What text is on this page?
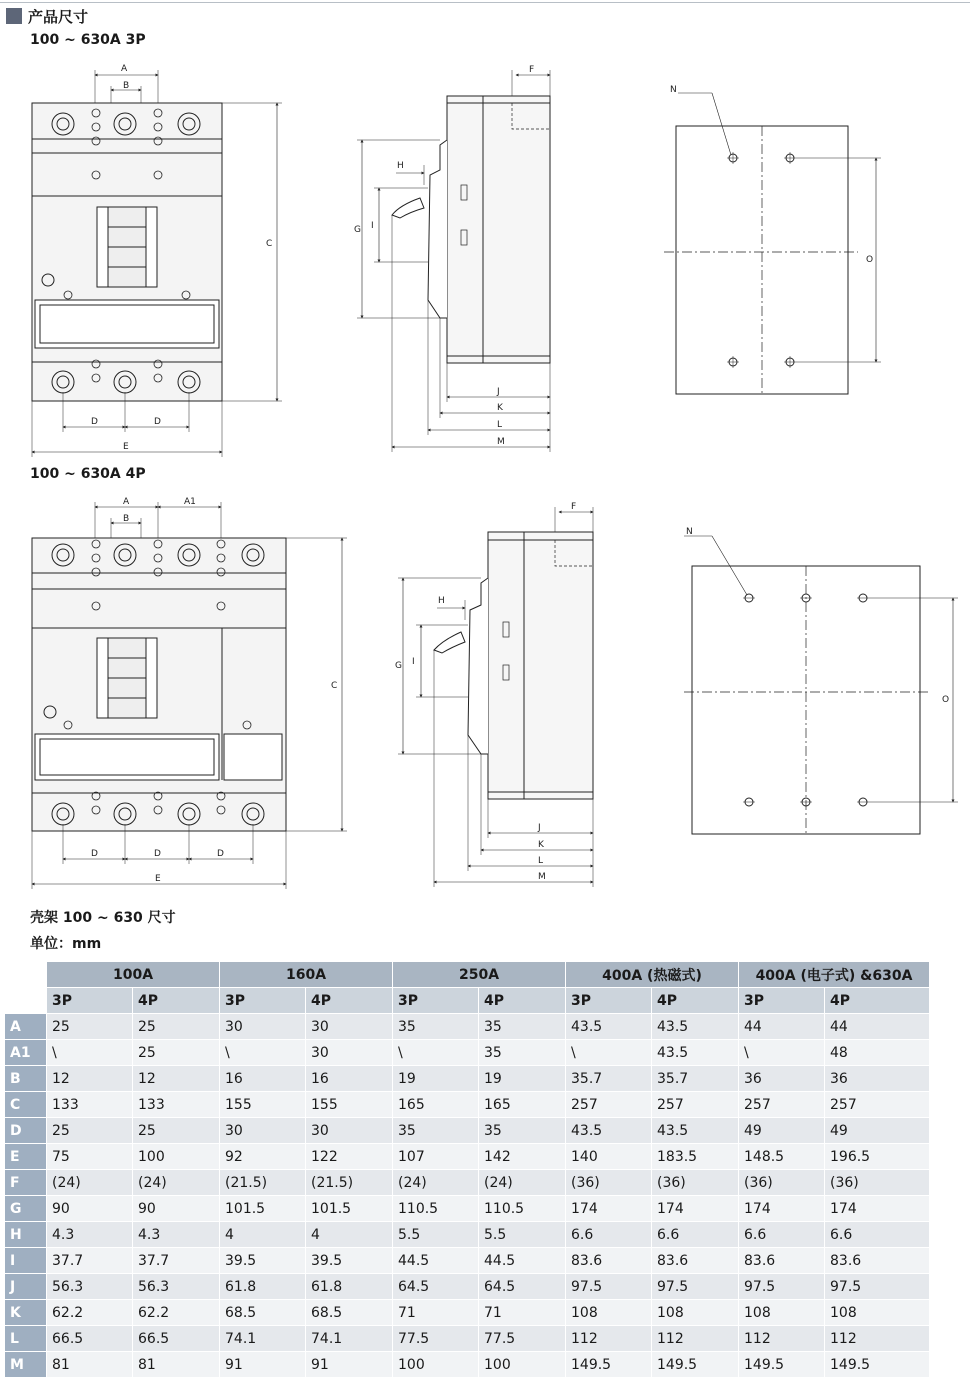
产品尺寸
100 ~ 630A 3P
100 ~ 630A 4P
壳架 100 ~ 630 尺寸
单位：mm
A
B
C
D	D
E
F
G
H
I
J
K
L
M
N
O
A	A1
B
C
D	D	D
E
F
G
H
I
J
K
L
M
N
O
	100A		160A		250A		400A (热磁式)		400A (电子式) &630A	
	3P	4P	3P	4P	3P	4P	3P	4P	3P	4P
A	25	25	30	30	35	35	43.5	43.5	44	44
A1	\	25	\	30	\	35	\	43.5	\	48
B	12	12	16	16	19	19	35.7	35.7	36	36
C	133	133	155	155	165	165	257	257	257	257
D	25	25	30	30	35	35	43.5	43.5	49	49
E	75	100	92	122	107	142	140	183.5	148.5	196.5
F	(24)	(24)	(21.5)	(21.5)	(24)	(24)	(36)	(36)	(36)	(36)
G	90	90	101.5	101.5	110.5	110.5	174	174	174	174
H	4.3	4.3	4	4	5.5	5.5	6.6	6.6	6.6	6.6
I	37.7	37.7	39.5	39.5	44.5	44.5	83.6	83.6	83.6	83.6
J	56.3	56.3	61.8	61.8	64.5	64.5	97.5	97.5	97.5	97.5
K	62.2	62.2	68.5	68.5	71	71	108	108	108	108
L	66.5	66.5	74.1	74.1	77.5	77.5	112	112	112	112
M	81	81	91	91	100	100	149.5	149.5	149.5	149.5
